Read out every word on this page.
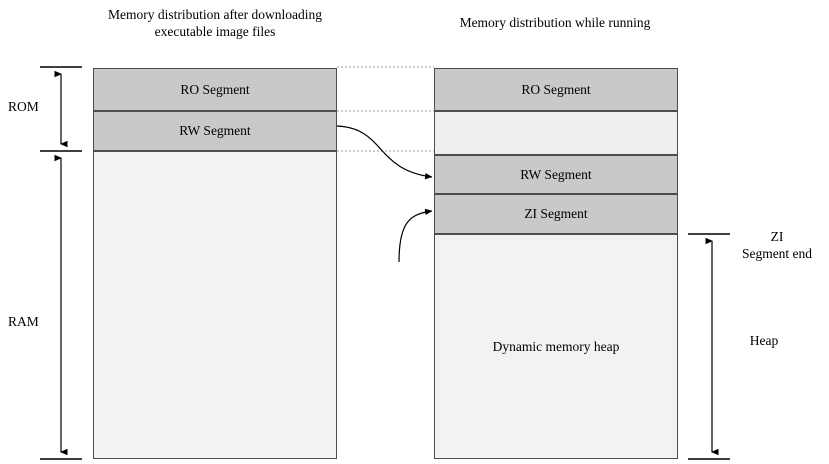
Memory distribution after downloading executable image files
Memory distribution while running
RO Segment
RW Segment
RO Segment
RW Segment
ZI Segment
Dynamic memory heap
ROM
RAM
ZI
Segment end
Heap
